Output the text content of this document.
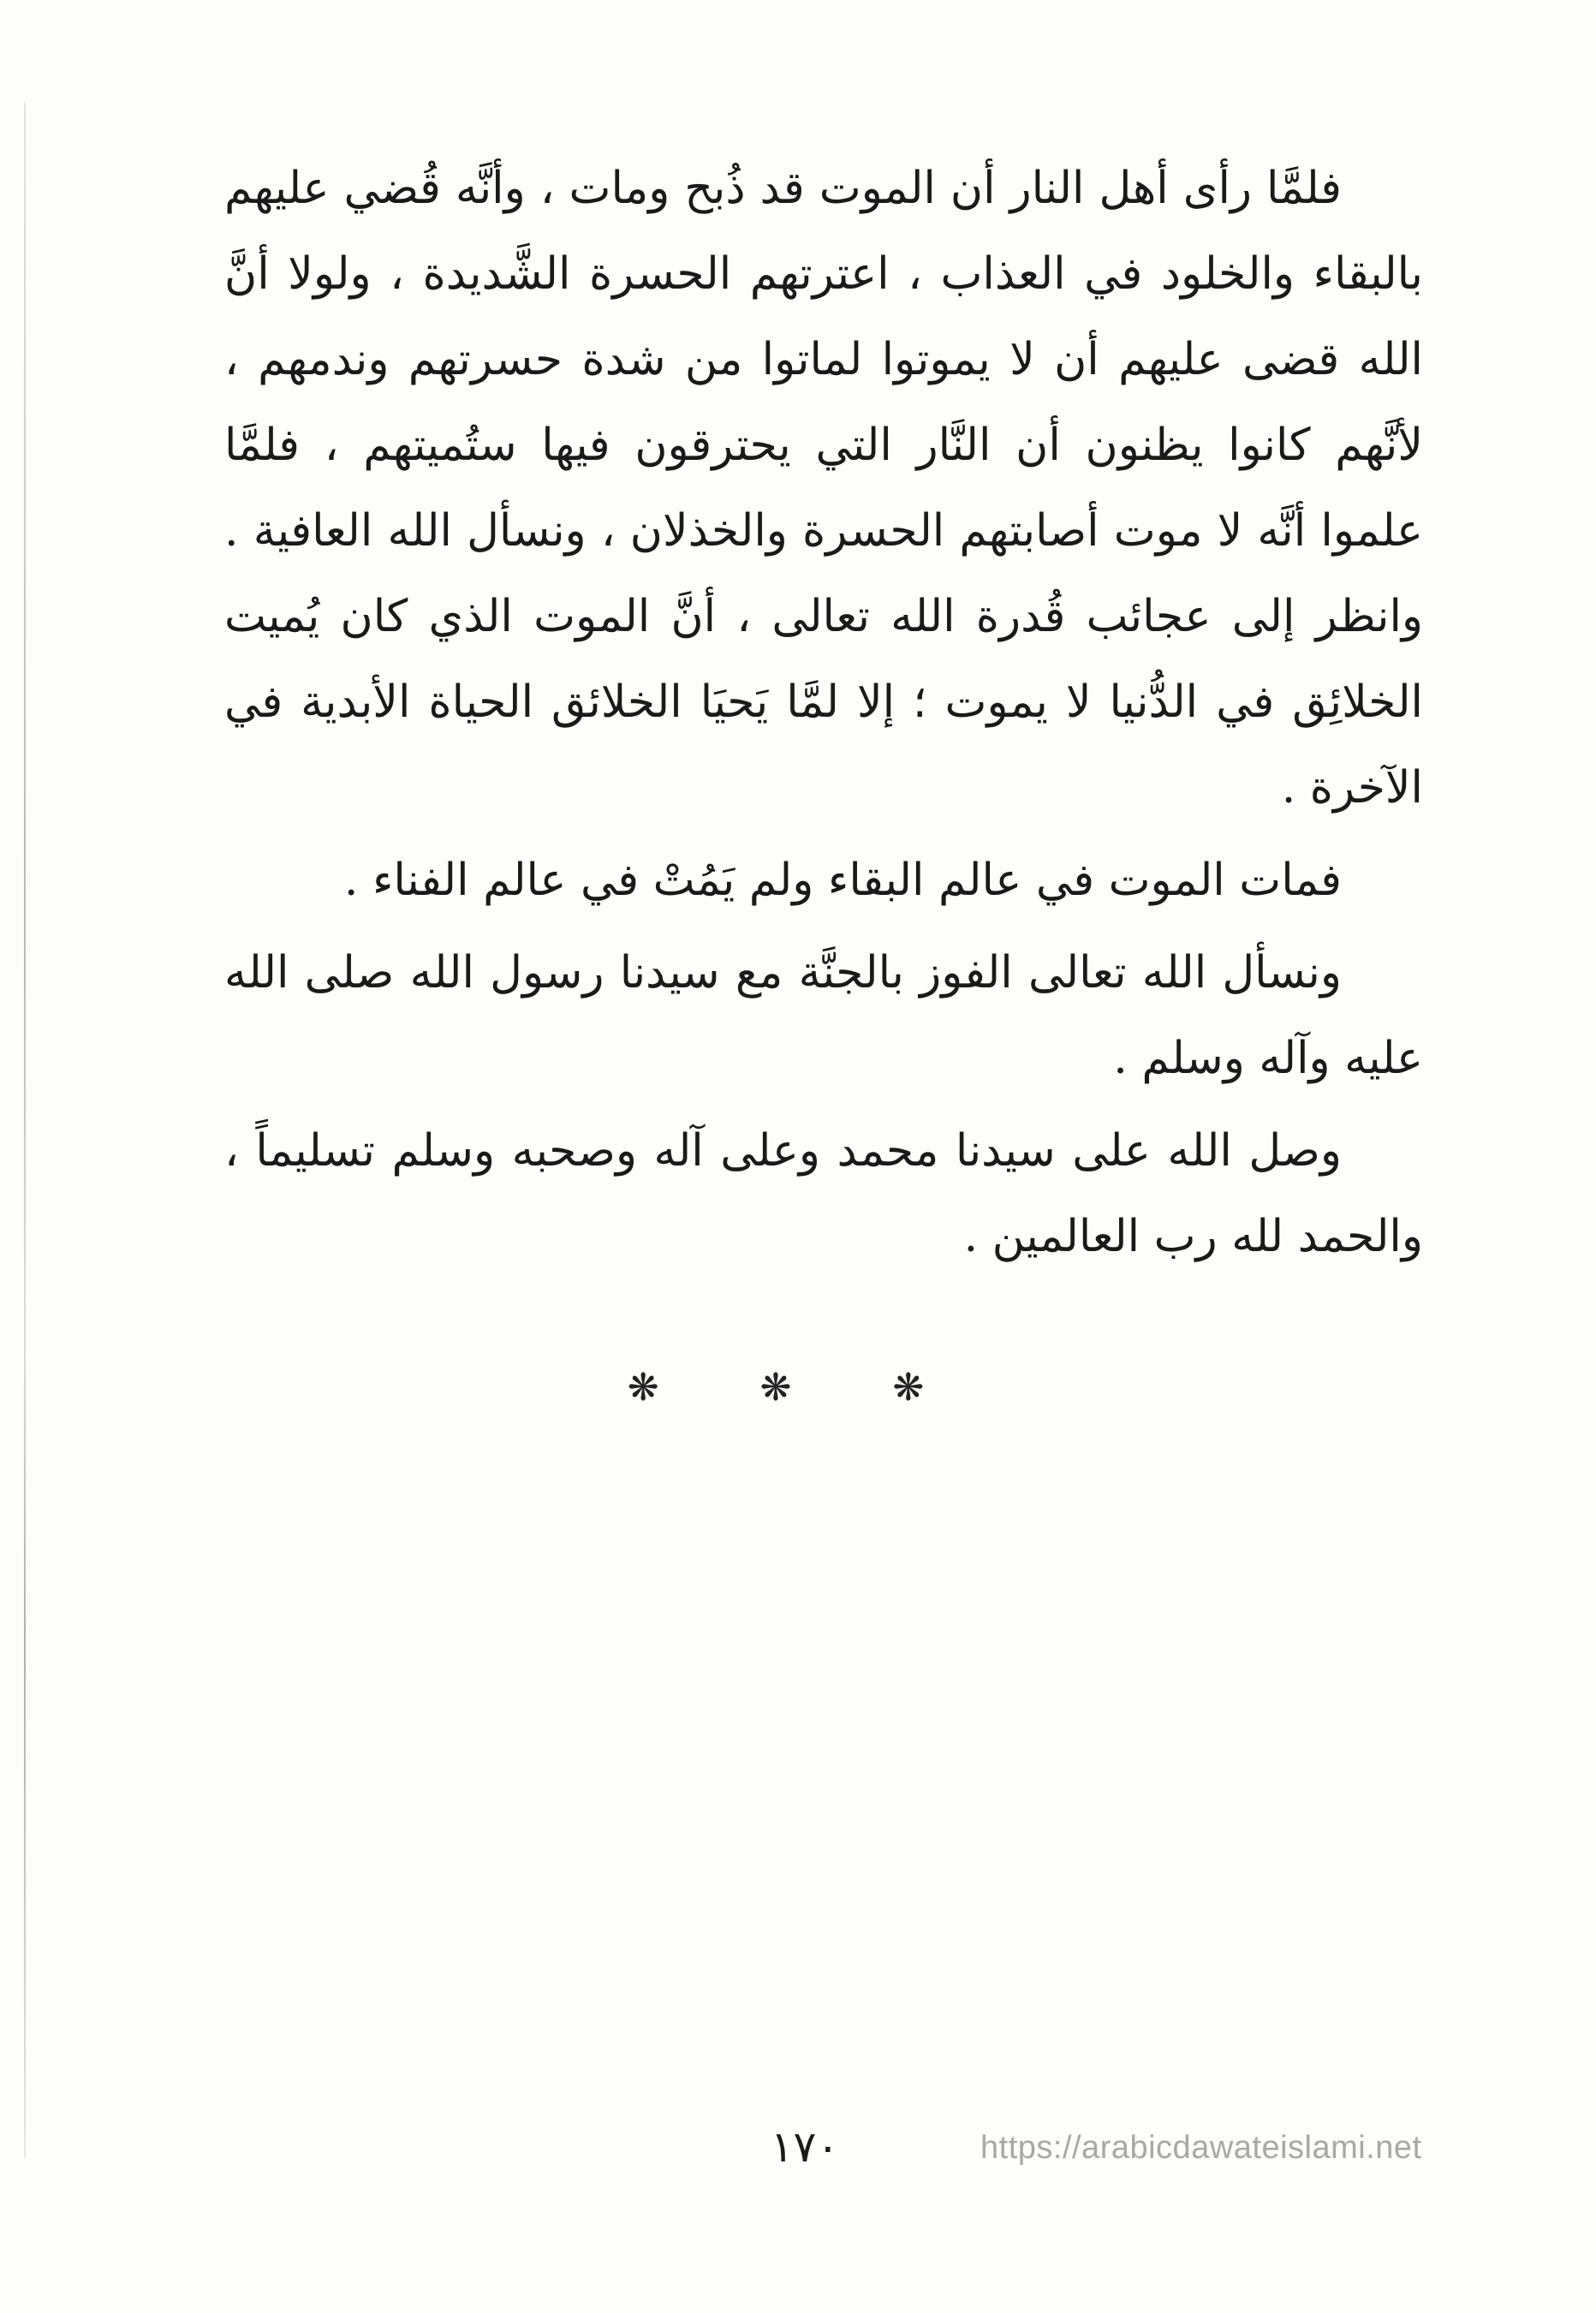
فلمَّا رأى أهل النار أن الموت قد ذُبح ومات ، وأنَّه قُضي عليهم بالبقاء والخلود في العذاب ، اعترتهم الحسرة الشَّديدة ، ولولا أنَّ الله قضى عليهم أن لا يموتوا لماتوا من شدة حسرتهم وندمهم ، لأنَّهم كانوا يظنون أن النَّار التي يحترقون فيها ستُميتهم ، فلمَّا علموا أنَّه لا موت أصابتهم الحسرة والخذلان ، ونسأل الله العافية . وانظر إلى عجائب قُدرة الله تعالى ، أنَّ الموت الذي كان يُميت الخلائِق في الدُّنيا لا يموت ؛ إلا لمَّا يَحيَا الخلائق الحياة الأبدية في الآخرة .

فمات الموت في عالم البقاء ولم يَمُتْ في عالم الفناء .

ونسأل الله تعالى الفوز بالجنَّة مع سيدنا رسول الله صلى الله عليه وآله وسلم .

وصل الله على سيدنا محمد وعلى آله وصحبه وسلم تسليماً ، والحمد لله رب العالمين .

❋ ❋ ❋
١٧٠	https://arabicdawateislami.net
